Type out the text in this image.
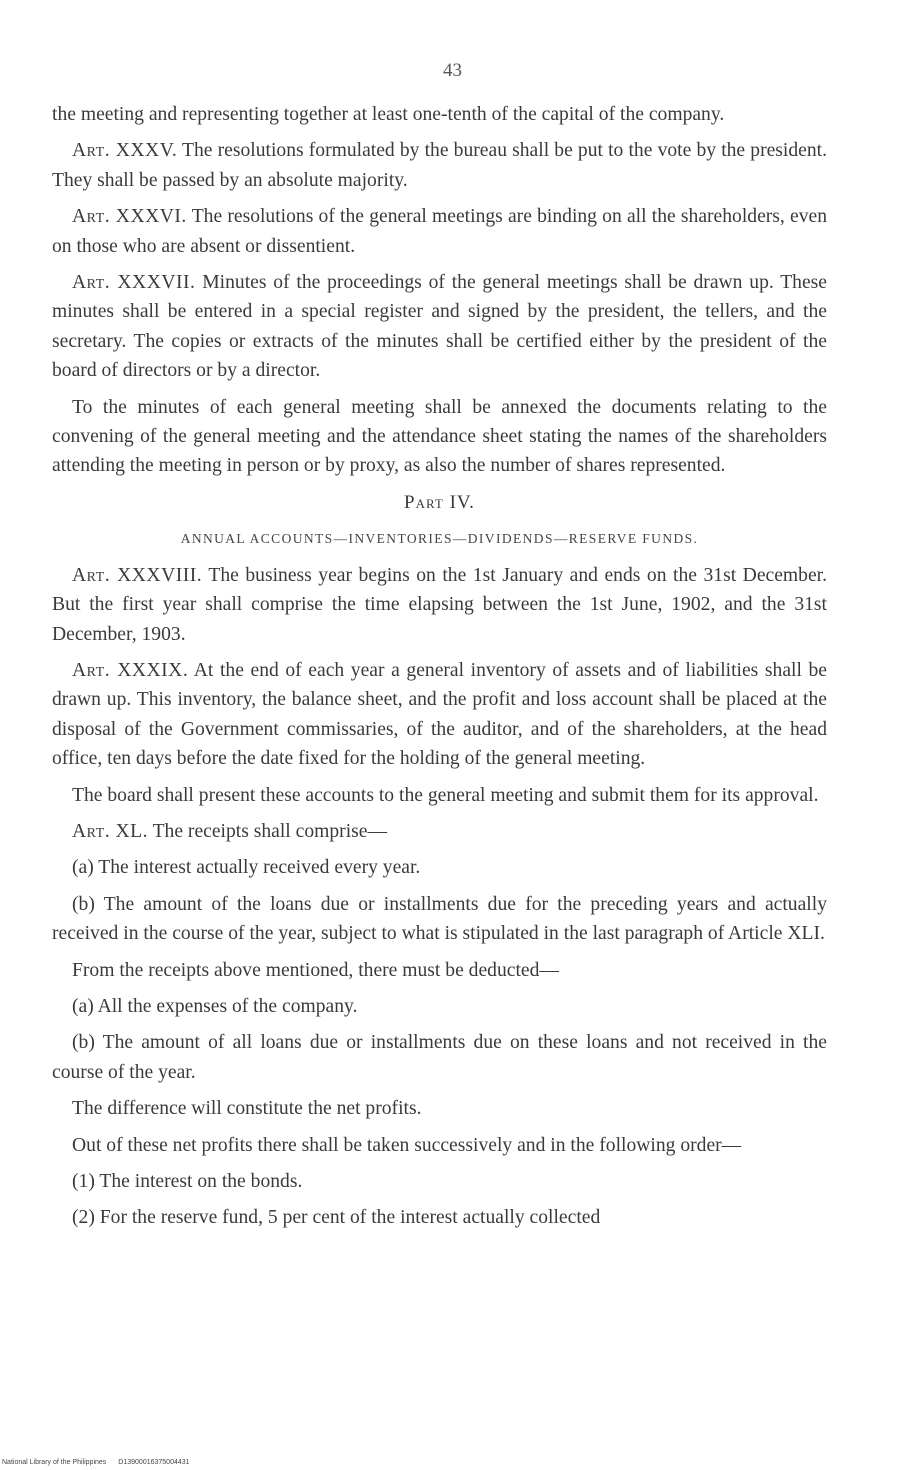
43

the meeting and representing together at least one-tenth of the capital of the company.

Art. XXXV. The resolutions formulated by the bureau shall be put to the vote by the president. They shall be passed by an absolute majority.

Art. XXXVI. The resolutions of the general meetings are binding on all the shareholders, even on those who are absent or dissentient.

Art. XXXVII. Minutes of the proceedings of the general meetings shall be drawn up. These minutes shall be entered in a special register and signed by the president, the tellers, and the secretary. The copies or extracts of the minutes shall be certified either by the president of the board of directors or by a director.

To the minutes of each general meeting shall be annexed the documents relating to the convening of the general meeting and the attendance sheet stating the names of the shareholders attending the meeting in person or by proxy, as also the number of shares represented.

Part IV.

ANNUAL ACCOUNTS—INVENTORIES—DIVIDENDS—RESERVE FUNDS.

Art. XXXVIII. The business year begins on the 1st January and ends on the 31st December. But the first year shall comprise the time elapsing between the 1st June, 1902, and the 31st December, 1903.

Art. XXXIX. At the end of each year a general inventory of assets and of liabilities shall be drawn up. This inventory, the balance sheet, and the profit and loss account shall be placed at the disposal of the Government commissaries, of the auditor, and of the shareholders, at the head office, ten days before the date fixed for the holding of the general meeting.

The board shall present these accounts to the general meeting and submit them for its approval.

Art. XL. The receipts shall comprise—

(a) The interest actually received every year.

(b) The amount of the loans due or installments due for the preceding years and actually received in the course of the year, subject to what is stipulated in the last paragraph of Article XLI.

From the receipts above mentioned, there must be deducted—

(a) All the expenses of the company.

(b) The amount of all loans due or installments due on these loans and not received in the course of the year.

The difference will constitute the net profits.

Out of these net profits there shall be taken successively and in the following order—

(1) The interest on the bonds.

(2) For the reserve fund, 5 per cent of the interest actually collected

National Library of the Philippines D13900016375004431
